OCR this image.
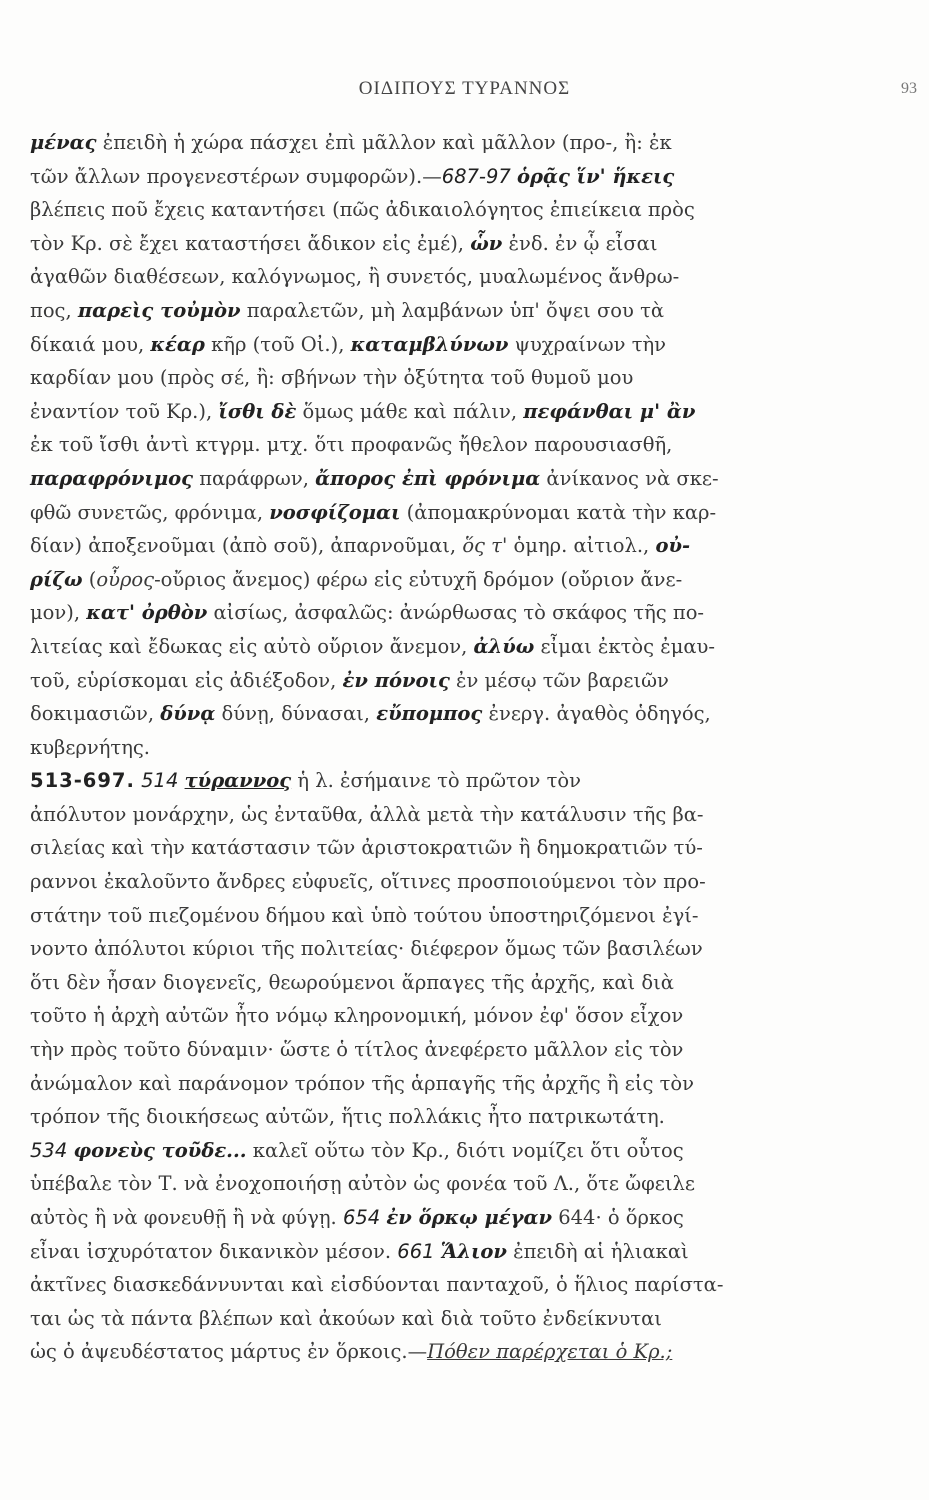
ΟΙΔΙΠΟΥΣ ΤΥΡΑΝΝΟΣ	93
μένας ἐπειδὴ ἡ χώρα πάσχει ἐπὶ μᾶλλον καὶ μᾶλλον (προ-, ἢ: ἐκ
τῶν ἄλλων προγενεστέρων συμφορῶν).—687-97 ὁρᾷς ἵν' ἥκεις
βλέπεις ποῦ ἔχεις καταντήσει (πῶς ἀδικαιολόγητος ἐπιείκεια πρὸς
τὸν Κρ. σὲ ἔχει καταστήσει ἄδικον εἰς ἐμέ), ὧν ἐνδ. ἐν ᾧ εἶσαι
ἀγαθῶν διαθέσεων, καλόγνωμος, ἢ συνετός, μυαλωμένος ἄνθρω-
πος, παρεὶς τοὐμὸν παραλετῶν, μὴ λαμβάνων ὑπ' ὄψει σου τὰ
δίκαιά μου, κέαρ κῆρ (τοῦ Οἰ.), καταμβλύνων ψυχραίνων τὴν
καρδίαν μου (πρὸς σέ, ἢ: σβήνων τὴν ὀξύτητα τοῦ θυμοῦ μου
ἐναντίον τοῦ Κρ.), ἴσθι δὲ ὅμως μάθε καὶ πάλιν, πεφάνθαι μ' ἂν
ἐκ τοῦ ἴσθι ἀντὶ κτγρμ. μτχ. ὅτι προφανῶς ἤθελον παρουσιασθῆ,
παραφρόνιμος παράφρων, ἄπορος ἐπὶ φρόνιμα ἀνίκανος νὰ σκε-
φθῶ συνετῶς, φρόνιμα, νοσφίζομαι (ἀπομακρύνομαι κατὰ τὴν καρ-
δίαν) ἀποξενοῦμαι (ἀπὸ σοῦ), ἀπαρνοῦμαι, ὅς τ' ὁμηρ. αἰτιολ., οὐ-
ρίζω (οὖρος-οὔριος ἄνεμος) φέρω εἰς εὐτυχῆ δρόμον (οὔριον ἄνε-
μον), κατ' ὀρθὸν αἰσίως, ἀσφαλῶς: ἀνώρθωσας τὸ σκάφος τῆς πο-
λιτείας καὶ ἔδωκας εἰς αὐτὸ οὔριον ἄνεμον, ἀλύω εἶμαι ἐκτὸς ἐμαυ-
τοῦ, εὑρίσκομαι εἰς ἀδιέξοδον, ἐν πόνοις ἐν μέσῳ τῶν βαρειῶν
δοκιμασιῶν, δύνᾳ δύνῃ, δύνασαι, εὔπομπος ἐνεργ. ἀγαθὸς ὁδηγός,
κυβερνήτης.
513-697. 514 τύραννος ἡ λ. ἐσήμαινε τὸ πρῶτον τὸν
ἀπόλυτον μονάρχην, ὡς ἐνταῦθα, ἀλλὰ μετὰ τὴν κατάλυσιν τῆς βα-
σιλείας καὶ τὴν κατάστασιν τῶν ἀριστοκρατιῶν ἢ δημοκρατιῶν τύ-
ραννοι ἐκαλοῦντο ἄνδρες εὐφυεῖς, οἵτινες προσποιούμενοι τὸν προ-
στάτην τοῦ πιεζομένου δήμου καὶ ὑπὸ τούτου ὑποστηριζόμενοι ἐγί-
νοντο ἀπόλυτοι κύριοι τῆς πολιτείας· διέφερον ὅμως τῶν βασιλέων
ὅτι δὲν ἦσαν διογενεῖς, θεωρούμενοι ἅρπαγες τῆς ἀρχῆς, καὶ διὰ
τοῦτο ἡ ἀρχὴ αὐτῶν ἦτο νόμῳ κληρονομική, μόνον ἐφ' ὅσον εἶχον
τὴν πρὸς τοῦτο δύναμιν· ὥστε ὁ τίτλος ἀνεφέρετο μᾶλλον εἰς τὸν
ἀνώμαλον καὶ παράνομον τρόπον τῆς ἁρπαγῆς τῆς ἀρχῆς ἢ εἰς τὸν
τρόπον τῆς διοικήσεως αὐτῶν, ἥτις πολλάκις ἦτο πατρικωτάτη.
534 φονεὺς τοῦδε... καλεῖ οὕτω τὸν Κρ., διότι νομίζει ὅτι οὗτος
ὑπέβαλε τὸν Τ. νὰ ἐνοχοποιήσῃ αὐτὸν ὡς φονέα τοῦ Λ., ὅτε ὤφειλε
αὐτὸς ἢ νὰ φονευθῇ ἢ νὰ φύγῃ. 654 ἐν ὅρκῳ μέγαν 644· ὁ ὅρκος
εἶναι ἰσχυρότατον δικανικὸν μέσον. 661 Ἅλιον ἐπειδὴ αἱ ἡλιακαὶ
ἀκτῖνες διασκεδάννυνται καὶ εἰσδύονται πανταχοῦ, ὁ ἥλιος παρίστα-
ται ὡς τὰ πάντα βλέπων καὶ ἀκούων καὶ διὰ τοῦτο ἐνδείκνυται
ὡς ὁ ἀψευδέστατος μάρτυς ἐν ὅρκοις.—Πόθεν παρέρχεται ὁ Κρ.;
